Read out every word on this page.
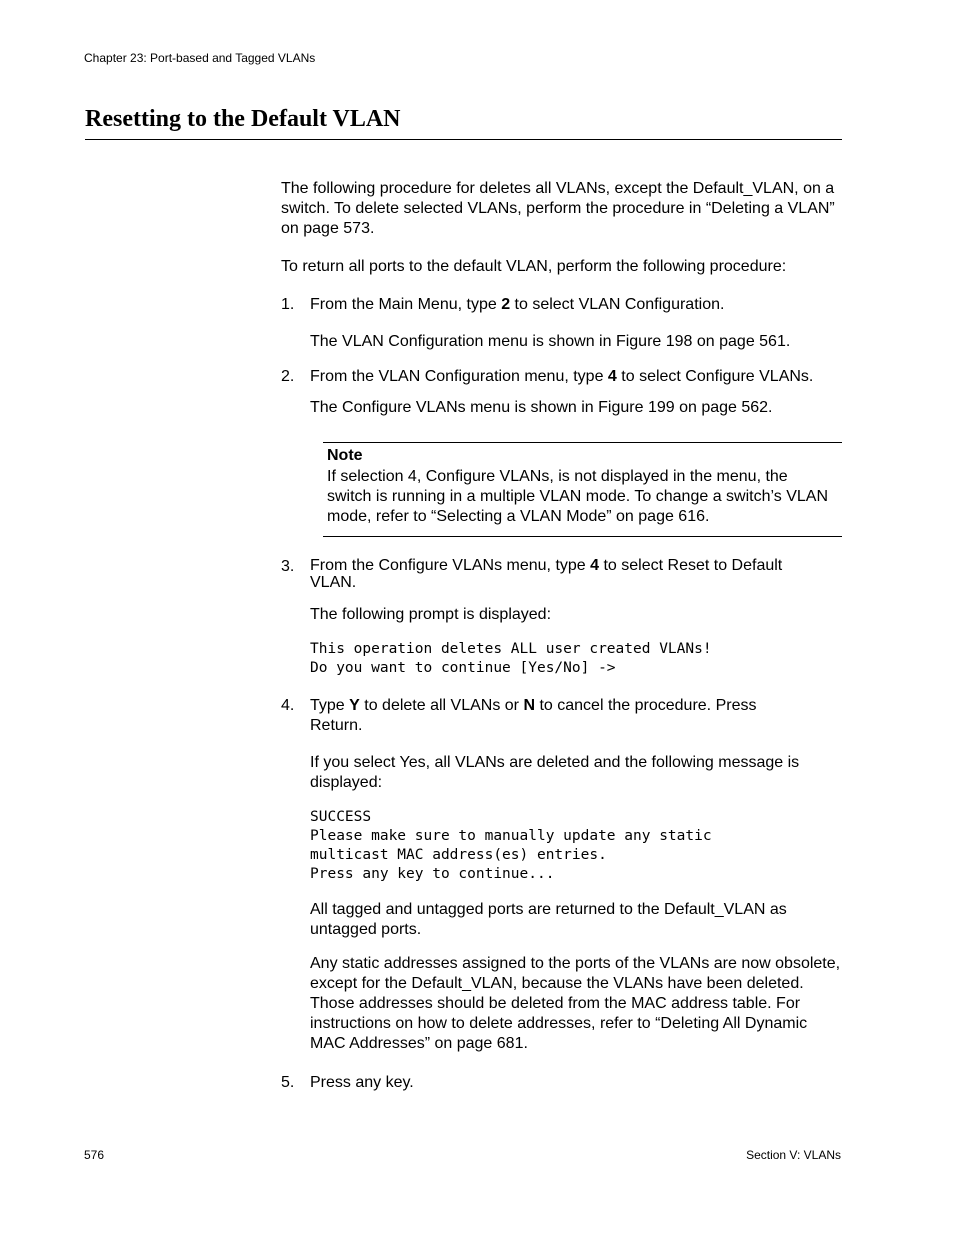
Chapter 23: Port-based and Tagged VLANs
Resetting to the Default VLAN
The following procedure for deletes all VLANs, except the Default_VLAN, on a switch. To delete selected VLANs, perform the procedure in “Deleting a VLAN” on page 573.
To return all ports to the default VLAN, perform the following procedure:
1. From the Main Menu, type 2 to select VLAN Configuration.
The VLAN Configuration menu is shown in Figure 198 on page 561.
2. From the VLAN Configuration menu, type 4 to select Configure VLANs.
The Configure VLANs menu is shown in Figure 199 on page 562.
Note
If selection 4, Configure VLANs, is not displayed in the menu, the switch is running in a multiple VLAN mode. To change a switch’s VLAN mode, refer to “Selecting a VLAN Mode” on page 616.
3. From the Configure VLANs menu, type 4 to select Reset to Default VLAN.
The following prompt is displayed:
This operation deletes ALL user created VLANs!
Do you want to continue [Yes/No] ->
4. Type Y to delete all VLANs or N to cancel the procedure. Press Return.
If you select Yes, all VLANs are deleted and the following message is displayed:
SUCCESS
Please make sure to manually update any static
multicast MAC address(es) entries.
Press any key to continue...
All tagged and untagged ports are returned to the Default_VLAN as untagged ports.
Any static addresses assigned to the ports of the VLANs are now obsolete, except for the Default_VLAN, because the VLANs have been deleted. Those addresses should be deleted from the MAC address table. For instructions on how to delete addresses, refer to “Deleting All Dynamic MAC Addresses” on page 681.
5. Press any key.
576	Section V: VLANs
